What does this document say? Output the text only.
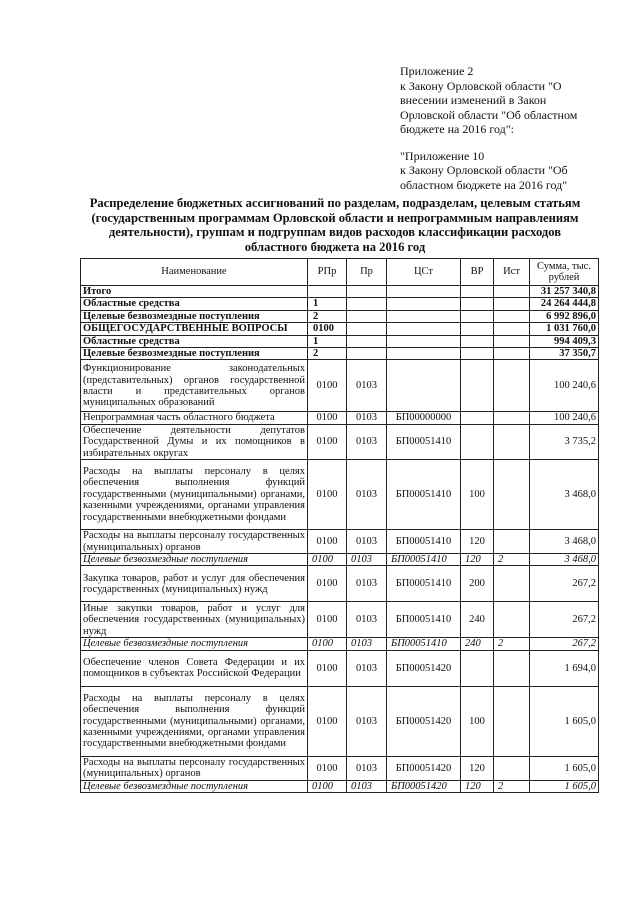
Приложение 2
к Закону Орловской области "О
внесении изменений в Закон
Орловской области "Об областном
бюджете на 2016 год":
"Приложение 10
к Закону Орловской области "Об
областном бюджете на 2016 год"
Распределение бюджетных ассигнований по разделам, подразделам, целевым статьям (государственным программам Орловской области и непрограммным направлениям деятельности), группам и подгруппам видов расходов классификации расходов областного бюджета на 2016 год
Наименование	РПр	Пр	ЦСт	ВР	Ист	Сумма, тыс. рублей
Итого						31 257 340,8
Областные средства	1					24 264 444,8
Целевые безвозмездные поступления	2					6 992 896,0
ОБЩЕГОСУДАРСТВЕННЫЕ ВОПРОСЫ	0100					1 031 760,0
Областные средства	1					994 409,3
Целевые безвозмездные поступления	2					37 350,7
Функционирование законодательных (представительных) органов государственной власти и представительных органов муниципальных образований	0100	0103				100 240,6
Непрограммная часть областного бюджета	0100	0103	БП00000000			100 240,6
Обеспечение деятельности депутатов Государственной Думы и их помощников в избирательных округах	0100	0103	БП00051410			3 735,2
Расходы на выплаты персоналу в целях обеспечения выполнения функций государственными (муниципальными) органами, казенными учреждениями, органами управления государственными внебюджетными фондами	0100	0103	БП00051410	100		3 468,0
Расходы на выплаты персоналу государственных (муниципальных) органов	0100	0103	БП00051410	120		3 468,0
Целевые безвозмездные поступления	0100	0103	БП00051410	120	2	3 468,0
Закупка товаров, работ и услуг для обеспечения государственных (муниципальных) нужд	0100	0103	БП00051410	200		267,2
Иные закупки товаров, работ и услуг для обеспечения государственных (муниципальных) нужд	0100	0103	БП00051410	240		267,2
Целевые безвозмездные поступления	0100	0103	БП00051410	240	2	267,2
Обеспечение членов Совета Федерации и их помощников в субъектах Российской Федерации	0100	0103	БП00051420			1 694,0
Расходы на выплаты персоналу в целях обеспечения выполнения функций государственными (муниципальными) органами, казенными учреждениями, органами управления государственными внебюджетными фондами	0100	0103	БП00051420	100		1 605,0
Расходы на выплаты персоналу государственных (муниципальных) органов	0100	0103	БП00051420	120		1 605,0
Целевые безвозмездные поступления	0100	0103	БП00051420	120	2	1 605,0
